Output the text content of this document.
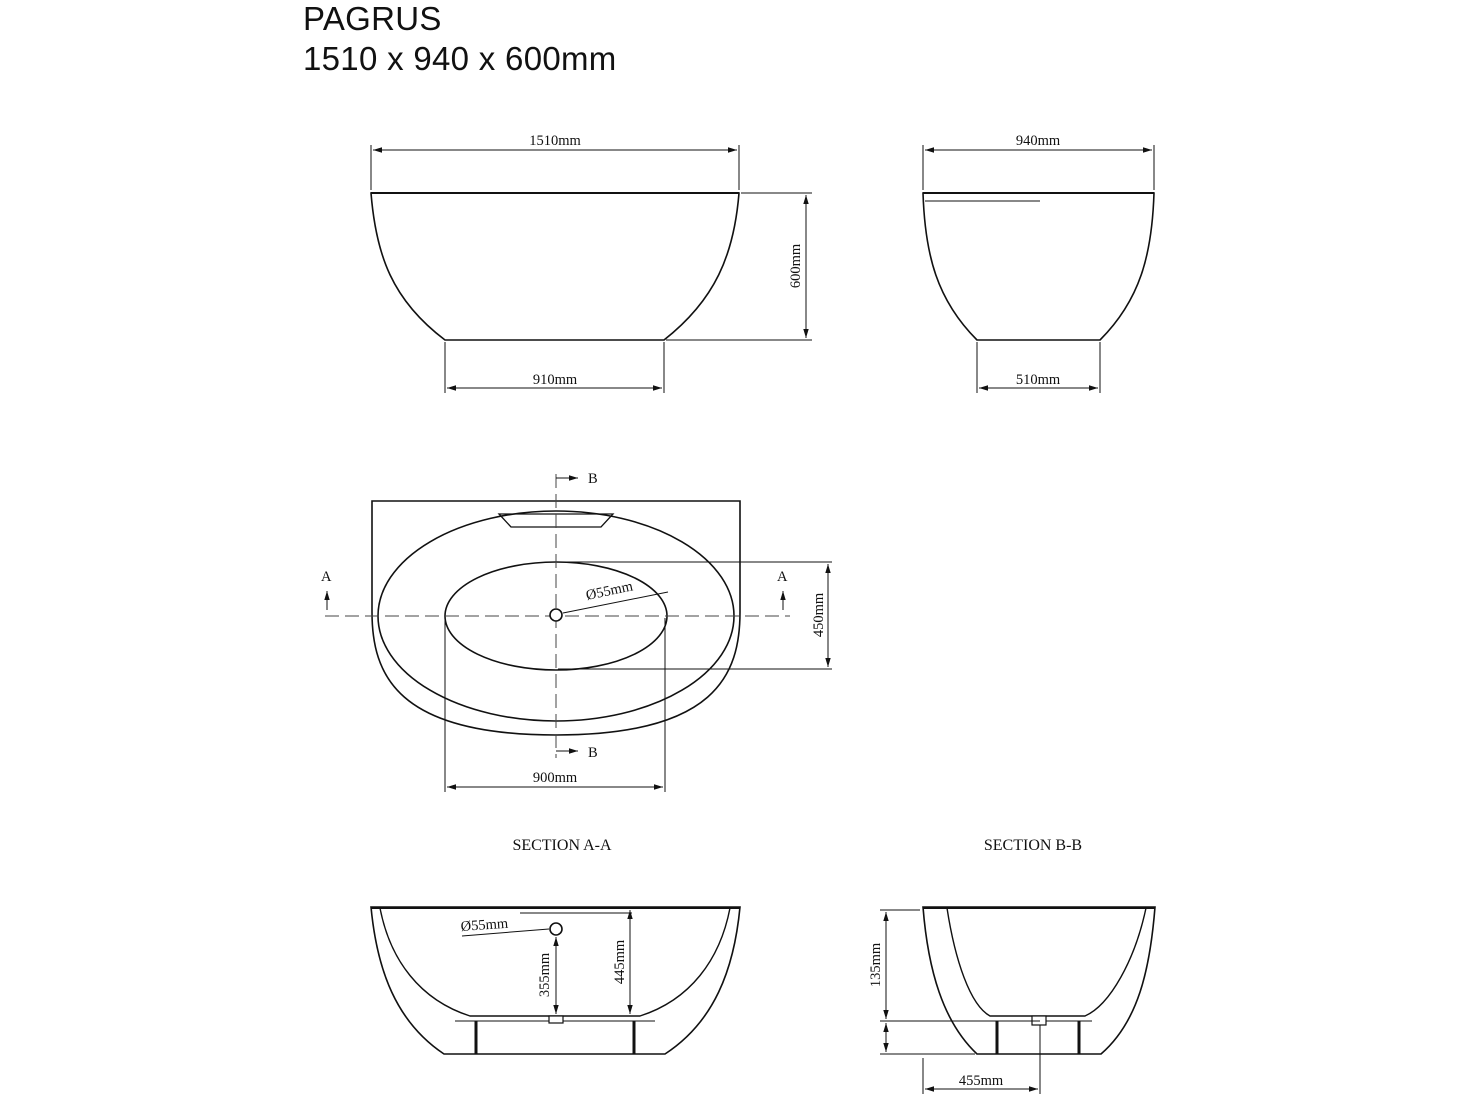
PAGRUS
1510 x 940 x 600mm
1510mm
600mm
910mm
940mm
510mm
Ø55mm
B
B
A	A
450mm
900mm
SECTION A-A
Ø55mm
355mm	445mm
SECTION B-B
135mm
455mm
